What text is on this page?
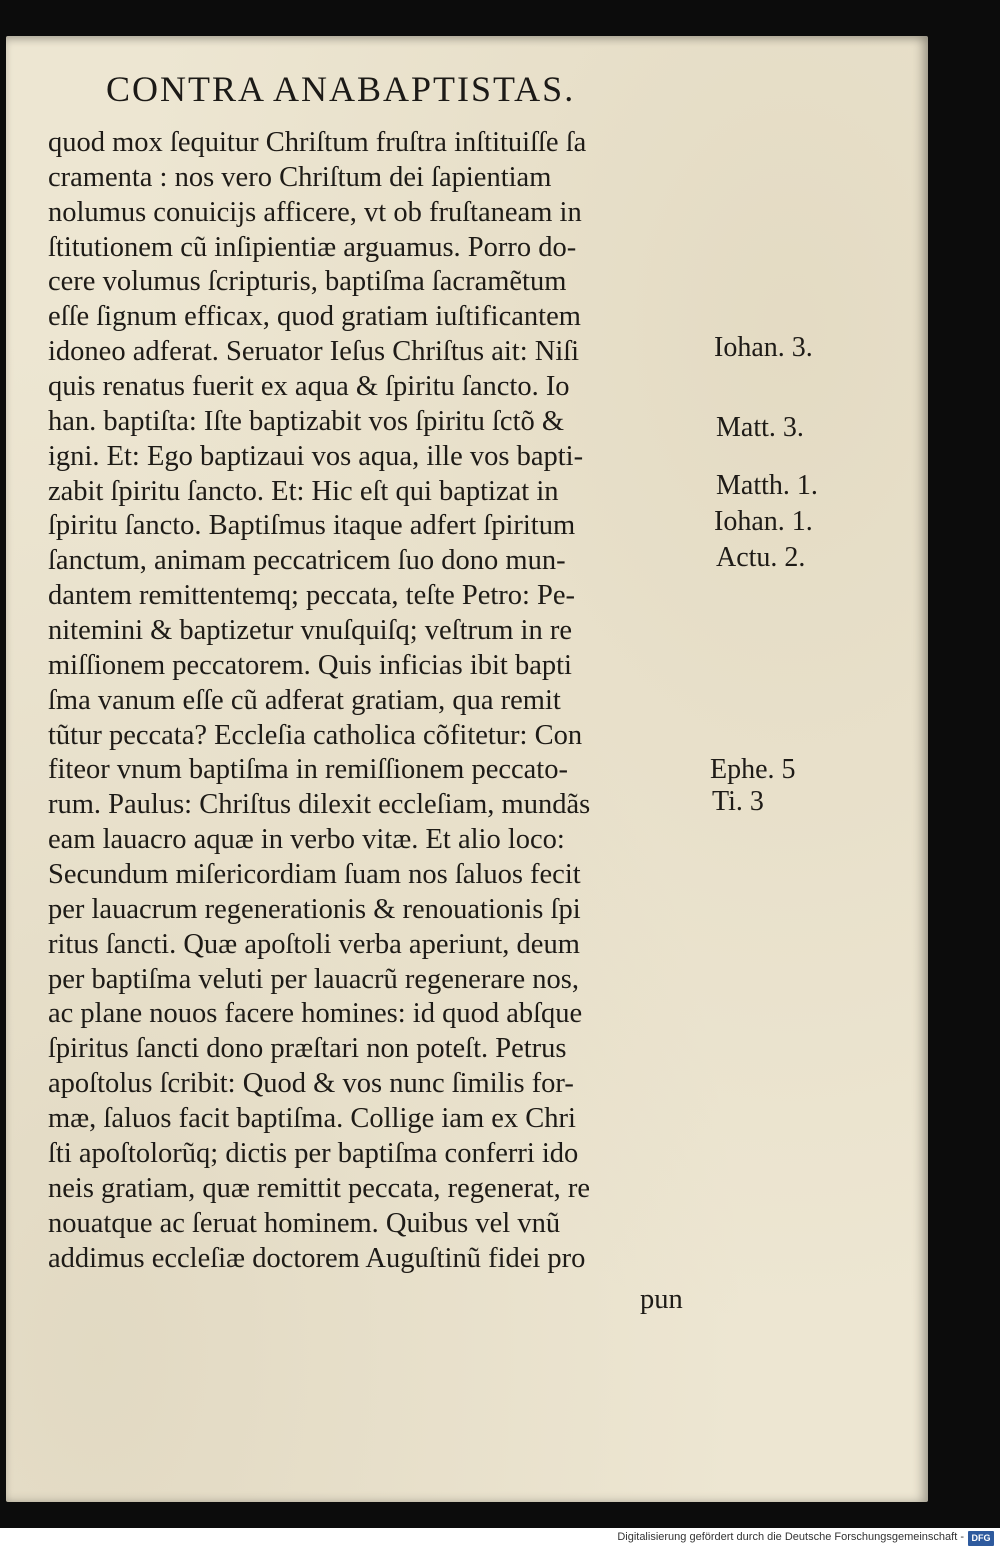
CONTRA ANABAPTISTAS.
quod mox ſequitur Chriſtum fruſtra inſtituiſſe ſa
cramenta : nos vero Chriſtum dei ſapientiam
nolumus conuicijs afficere, vt ob fruſtaneam in
ſtitutionem cũ inſipientiæ arguamus. Porro do-
cere volumus ſcripturis, baptiſma ſacramẽtum
eſſe ſignum efficax, quod gratiam iuſtificantem
idoneo adferat. Seruator Ieſus Chriſtus ait: Niſi
quis renatus fuerit ex aqua & ſpiritu ſancto. Io
han. baptiſta: Iſte baptizabit vos ſpiritu ſctõ &
igni. Et: Ego baptizaui vos aqua, ille vos bapti-
zabit ſpiritu ſancto. Et: Hic eſt qui baptizat in
ſpiritu ſancto. Baptiſmus itaque adfert ſpiritum
ſanctum, animam peccatricem ſuo dono mun-
dantem remittentemq; peccata, teſte Petro: Pe-
nitemini & baptizetur vnuſquiſq; veſtrum in re
miſſionem peccatorem. Quis inficias ibit bapti
ſma vanum eſſe cũ adferat gratiam, qua remit
tũtur peccata? Eccleſia catholica cõfitetur: Con
fiteor vnum baptiſma in remiſſionem peccato-
rum. Paulus: Chriſtus dilexit eccleſiam, mundãs
eam lauacro aquæ in verbo vitæ. Et alio loco:
Secundum miſericordiam ſuam nos ſaluos fecit
per lauacrum regenerationis & renouationis ſpi
ritus ſancti. Quæ apoſtoli verba aperiunt, deum
per baptiſma veluti per lauacrũ regenerare nos,
ac plane nouos facere homines: id quod abſque
ſpiritus ſancti dono præſtari non poteſt. Petrus
apoſtolus ſcribit: Quod & vos nunc ſimilis for-
mæ, ſaluos facit baptiſma. Collige iam ex Chri
ſti apoſtolorũq; dictis per baptiſma conferri ido
neis gratiam, quæ remittit peccata, regenerat, re
nouatque ac ſeruat hominem. Quibus vel vnũ
addimus eccleſiæ doctorem Auguſtinũ fidei pro
pun
Iohan. 3.
Matt. 3.
Matth. 1.
Iohan. 1.
Actu. 2.
Ephe. 5
Ti. 3
Digitalisierung gefördert durch die Deutsche Forschungsgemeinschaft - DFG
